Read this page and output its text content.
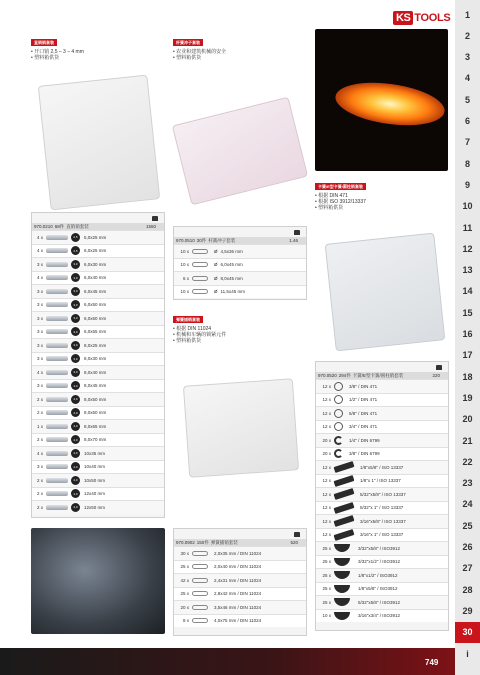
KS TOOLS
直销销套装
• 开口销 2,5 – 3 – 4 mm
• 塑料箱供货
970.0210 68件 直销销套装	1550
4 x	2,5	5,0x25 mm
4 x	2,5	6,0x25 mm
3 x	3,0	6,0x30 mm
4 x	3,0	6,0x40 mm
3 x	3,0	6,0x45 mm
3 x	3,0	6,0x50 mm
3 x	3,0	6,0x60 mm
3 x	3,0	6,0x65 mm
3 x	3,0	8,0x25 mm
3 x	3,0	8,0x30 mm
4 x	3,0	8,0x40 mm
3 x	4,0	8,0x45 mm
2 x	4,0	8,0x50 mm
2 x	4,0	8,0x60 mm
1 x	4,0	8,0x65 mm
2 x	4,0	8,0x70 mm
4 x	4,0	10x35 mm
3 x	4,0	10x40 mm
2 x	4,0	10x50 mm
2 x	4,0	12x40 mm
2 x	4,0	12x50 mm
杆簧冲子套装
• 农业和建筑机械的安全
• 塑料箱供货
970.0510 30件 杆簧冲子套装	1.46
10 x	Ø 4,5x36 mm
10 x	Ø 6,0x45 mm
6 x	Ø 8,0x45 mm
10 x	Ø 11,5x45 mm
弹簧插销套装
• 根据 DIN 11024
• 机械和车辆的锁紧元件
• 塑料箱供货
970.0902 150件 弹簧插销套装	520
30 x	2,0x35 mm / DIN 11024
25 x	2,0x40 mm / DIN 11024
42 x	2,4x31 mm / DIN 11024
25 x	2,8x42 mm / DIN 11024
20 x	3,5x46 mm / DIN 11024
8 x	4,0x75 mm / DIN 11024
卡簧/E型卡簧/圆柱销套装
• 根据 DIN 471
• 根据 ISO 3912/13337
• 塑料箱供货
970.0520 294件 卡簧/E型卡簧/圆柱销套装	220
12 x	3/8" / DIN 471
12 x	1/2" / DIN 471
12 x	5/8" / DIN 471
12 x	3/4" / DIN 471
20 x	1/4" / DIN 6799
20 x	3/8" / DIN 6799
12 x	1/8"x5/8" / ISO 13337
12 x	1/8"x 1" / ISO 13337
12 x	5/32"x5/8" / ISO 13337
12 x	5/32"x 1" / ISO 13337
12 x	3/16"x5/8" / ISO 13337
12 x	3/16"x 1" / ISO 13337
25 x	3/32"x5/8" / ISO3912
25 x	3/32"x1/2" / ISO3912
25 x	1/8"x1/2" / ISO3912
25 x	1/8"x5/8" / ISO3912
25 x	5/32"x5/8" / ISO3912
10 x	3/16"x3/4" / ISO3912
749
1
2
3
4
5
6
7
8
9
10
11
12
13
14
15
16
17
18
19
20
21
22
23
24
25
26
27
28
29
30
i
